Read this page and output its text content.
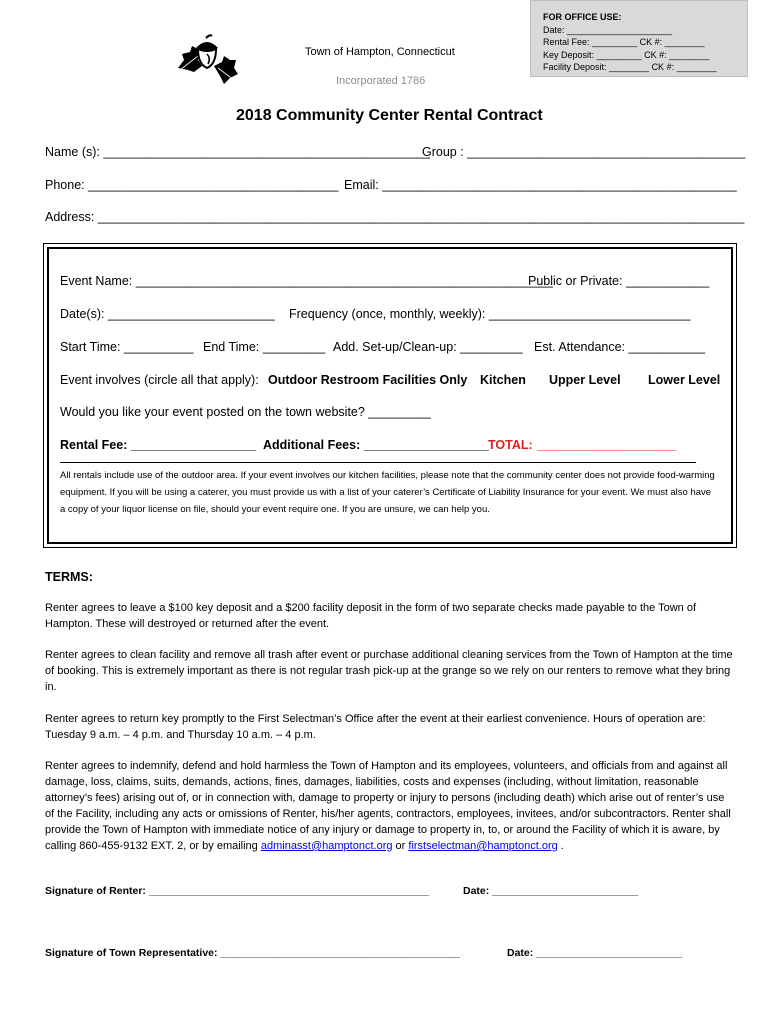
FOR OFFICE USE:
Date: _____________________
Rental Fee: _________ CK #: ________
Key Deposit: _________ CK #: ________
Facility Deposit: ________ CK #: ________
Town of Hampton, Connecticut
Incorporated 1786
2018 Community Center Rental Contract
Name (s): _______________________________________________
Group : ________________________________________
Phone: ____________________________________ Email: ___________________________________________________
Address: _____________________________________________________________________________________________
Event Name: ____________________________________________________________
Public or Private: ____________
Date(s): ________________________ Frequency (once, monthly, weekly): _____________________________
Start Time: __________ End Time: _________ Add. Set-up/Clean-up: _________ Est. Attendance: ___________
Event involves (circle all that apply): Outdoor Restroom Facilities Only Kitchen Upper Level Lower Level
Would you like your event posted on the town website? _________
Rental Fee: __________________ Additional Fees: __________________ TOTAL: ____________________
All rentals include use of the outdoor area. If your event involves our kitchen facilities, please note that the community center does not provide food-warming equipment. If you will be using a caterer, you must provide us with a list of your caterer’s Certificate of Liability Insurance for your event. We must also have a copy of your liquor license on file, should your event require one. If you are unsure, we can help you.
TERMS:

Renter agrees to leave a $100 key deposit and a $200 facility deposit in the form of two separate checks made payable to the Town of Hampton. These will destroyed or returned after the event.

Renter agrees to clean facility and remove all trash after event or purchase additional cleaning services from the Town of Hampton at the time of booking. This is extremely important as there is not regular trash pick-up at the grange so we rely on our renters to remove what they bring in.

Renter agrees to return key promptly to the First Selectman’s Office after the event at their earliest convenience. Hours of operation are: Tuesday 9 a.m. – 4 p.m. and Thursday 10 a.m. – 4 p.m.

Renter agrees to indemnify, defend and hold harmless the Town of Hampton and its employees, volunteers, and officials from and against all damage, loss, claims, suits, demands, actions, fines, damages, liabilities, costs and expenses (including, without limitation, reasonable attorney’s fees) arising out of, or in connection with, damage to property or injury to persons (including death) which arise out of renter’s use of the Facility, including any acts or omissions of Renter, his/her agents, contractors, employees, invitees, and/or subcontractors. Renter shall provide the Town of Hampton with immediate notice of any injury or damage to property in, to, or around the Facility of which it is aware, by calling 860-455-9132 EXT. 2, or by emailing adminasst@hamptonct.org or firstselectman@hamptonct.org .

Signature of Renter: ________________________________________________	Date: _________________________
Signature of Town Representative: _________________________________________	Date: _________________________
